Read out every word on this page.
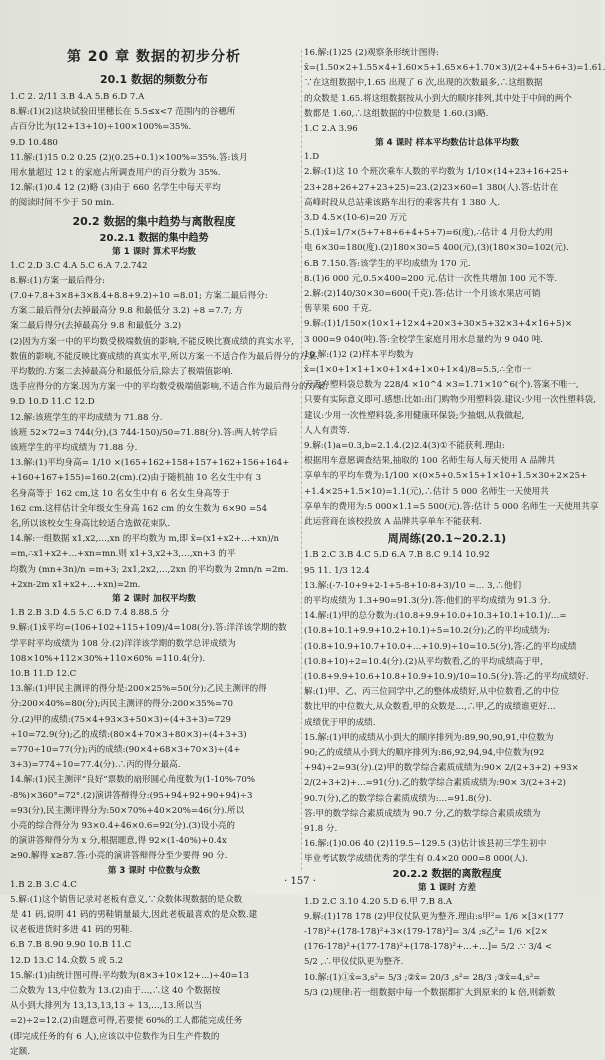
第 20 章 数据的初步分析
20.1 数据的频数分布
1.C 2. 2/11 3.B 4.A 5.B 6.D 7.A
8.解:(1)(2)这块试验田里穗长在 5.5≤x<7 范围内的谷穗所
占百分比为(12+13+10)÷100×100%=35%.
9.D 10.480
11.解:(1)15 0.2 0.25 (2)(0.25+0.1)×100%=35%.答:该月
用水量超过 12 t 的家庭占所调查用户的百分数为 35%.
12.解:(1)0.4 12 (2)略 (3)由于 660 名学生中每天平均
的阅读时间不少于 50 min.
20.2 数据的集中趋势与离散程度
20.2.1 数据的集中趋势
第 1 课时 算术平均数
1.C 2.D 3.C 4.A 5.C 6.A 7.2.742
8.解:(1)方案一最后得分:
(7.0+7.8+3×8+3×8.4+8.8+9.2)÷10 =8.01; 方案二最后得分:
方案二最后得分(去掉最高分 9.8 和最低分 3.2) ÷8 =7.7; 方
案二最后得分(去掉最高分 9.8 和最低分 3.2)
(2)因为方案一中的平均数受极端数值的影响,不能反映比赛成绩的真实水平,
数值的影响,不能反映比赛成绩的真实水平,所以方案一不适合作为最后得分的方案.
平均数的.方案二去掉最高分和最低分后,除去了极端值影响.
选手应得分的方案.因为方案一中的平均数受极端值影响,不适合作为最后得分的方案.
9.D 10.D 11.C 12.D
12.解:该班学生的平均成绩为 71.88 分.
该班 52×72=3 744(分),(3 744-150)/50=71.88(分).答:两人转学后
该班学生的平均成绩为 71.88 分.
13.解:(1)平均身高= 1/10 ×(165+162+158+157+162+156+164+
+160+167+155)=160.2(cm).(2)由于随机抽 10 名女生中有 3
名身高等于 162 cm,这 10 名女生中有 6 名女生身高等于
162 cm.这样估计全年级女生身高 162 cm 的女生数为 6×90 =54
名,所以该校女生身高比较适合选做花束队.
14.解:一组数据 x1,x2,…,xn 的平均数为 m,即 x̄=(x1+x2+…+xn)/n
=m,∴x1+x2+…+xn=mn.则 x1+3,x2+3,…,xn+3 的平
均数为 (mn+3n)/n =m+3; 2x1,2x2,…,2xn 的平均数为 2mn/n =2m.
+2xn-2m x1+x2+…+xn)=2m.
第 2 课时 加权平均数
1.B 2.B 3.D 4.5 5.C 6.D 7.4 8.88.5 分
9.解:(1)x̄平均=(106+102+115+109)/4=108(分).答:洋洋该学期的数
学平时平均成绩为 108 分.(2)洋洋该学期的数学总评成绩为
108×10%+112×30%+110×60% =110.4(分).
10.B 11.D 12.C
13.解:(1)甲民主测评的得分是:200×25%=50(分);乙民主测评的得
分:200×40%=80(分);丙民主测评的得分:200×35%=70
分.(2)甲的成绩:(75×4+93×3+50×3)÷(4+3+3)=729
÷10=72.9(分);乙的成绩:(80×4+70×3+80×3)÷(4+3+3)
=770÷10=77(分);丙的成绩:(90×4+68×3+70×3)÷(4+
3+3)=774÷10=77.4(分).∴丙的得分最高.
14.解:(1)民主测评“良好”票数的扇形圆心角度数为(1-10%-70%
-8%)×360°=72°.(2)演讲答辩得分:(95+94+92+90+94)÷3
=93(分),民主测评得分为:50×70%+40×20%=46(分).所以
小亮的综合得分为 93×0.4+46×0.6=92(分).(3)设小亮的
的演讲答辩得分为 x 分,根据题意,得 92×(1-40%)+0.4x
≥90.解得 x≥87.答:小亮的演讲答辩得分至少要得 90 分.
第 3 课时 中位数与众数
1.B 2.B 3.C 4.C
5.解:(1)这个销售记录对老板有意义,∵众数体现数据的是众数
是 41 码,说明 41 码的男鞋销量最大,因此老板最喜欢的是众数.建
议老板进货时多进 41 码的男鞋.
6.B 7.B 8.90 9.90 10.B 11.C
12.D 13.C 14.众数 5 或 5.2
15.解:(1)由统计图可得:平均数为(8×3+10×12+...)÷40=13
二众数为 13,中位数为 13.(2)由于…,∴这 40 个数据按
从小到大排列为 13,13,13,13 ÷ 13,…,13.所以当
=2)÷2=12.(2)由题意可得,若要使 60%的工人都能完成任务
(即完成任务的有 6 人),应该以中位数作为日生产件数的
定额.
16.解:(1)25 (2)观察条形统计图得:
x̄=(1.50×2+1.55×4+1.60×5+1.65×6+1.70×3)/(2+4+5+6+3)=1.61.
∵在这组数据中,1.65 出现了 6 次,出现的次数最多,∴这组数据
的众数是 1.65.将这组数据按从小到大的顺序排列,其中处于中间的两个
数都是 1.60,∴这组数据的中位数是 1.60.(3)略.
1.C 2.A 3.96
第 4 课时 样本平均数估计总体平均数
1.D
2.解:(1)这 10 个班次乘车人数的平均数为 1/10×(14+23+16+25+
23+28+26+27+23+25)=23.(2)23×60=1 380(人).答:估计在
高峰时段从总站乘该路车出行的乘客共有 1 380 人.
3.D 4.5×(10-6)=20 万元
5.(1)x̄=1/7×(5+7+8+6+4+5+7)=6(度),∴估计 4 月份大约用
电 6×30=180(度).(2)180×30=5 400(元),(3)(180×30=102(元).
6.B 7.150.答:该学生的平均成绩为 170 元.
8.(1)6 000 元,0.5×400=200 元.估计一次性共增加 100 元不等.
2.解:(2)140/30×30=600(千克).答:估计一个月该水果店可销
售苹果 600 千克.
9.解:(1)1/150×(10×1+12×4+20×3+30×5+32×3+4×16+5)×
3 000=9 040(吨).答:全校学生家庭月用水总量约为 9 040 吨.
10.解:(1)2 (2)样本平均数为
x̄=(1×0+1×1+1×0+1×4+1×0+1×4)/8=5.5,∴全市一
天丢弃塑料袋总数为 228/4 ×10^4 ×3=1.71×10^6(个).答案不唯一,
只要有实际意义即可.感想:比如:出门购物少用塑料袋.建议:少用一次性塑料袋,
建议:少用一次性塑料袋,多用健康环保袋;少抽烟,从我做起,
人人有责等.
9.解:(1)a=0.3,b=2.1.4.(2)2.4(3)①不能获利.理由:
根据用车意愿调查结果,抽取的 100 名师生每人每天使用 A 品牌共
享单车的平均车费为:1/100 ×(0×5+0.5×15+1×10+1.5×30+2×25+
+1.4×25+1.5×10)=1.1(元),∴估计 5 000 名师生一天使用共
享单车的费用为:5 000×1.1=5 500(元).答:估计 5 000 名师生一天使用共享
此运营商在该校投放 A 品牌共享单车不能获利.
周周练(20.1~20.2.1)
1.B 2.C 3.B 4.C 5.D 6.A 7.B 8.C 9.14 10.92
95 11. 1/3 12.4
13.解:(-7-10+9+2-1+5-8+10-8+3)/10 =… 3,∴他们
的平均成绩为 1.3+90=91.3(分).答:他们的平均成绩为 91.3 分.
14.解:(1)甲的总分数为:(10.8+9.9+10.0+10.3+10.1+10.1)/…=
(10.8+10.1+9.9+10.2+10.1)÷5=10.2(分);乙的平均成绩为:
(10.8+10.9+10.7+10.0+…+10.9)÷10=10.5(分),答:乙的平均成绩
(10.8+10)÷2=10.4(分).(2)从平均数看,乙的平均成绩高于甲,
(10.8+9.9+10.6+10.8+10.9+10.9)/10=10.5(分).答:乙的平均成绩好.
解:(1)甲、乙、丙三位同学中,乙的整体成绩好,从中位数看,乙的中位
数比甲的中位数大,从众数看,甲的众数是…,∴甲,乙的成绩谁更好…
成绩优于甲的成绩.
15.解:(1)甲的成绩从小到大的顺序排列为:89,90,90,91,中位数为
90;乙的成绩从小到大的顺序排列为:86,92,94,94,中位数为(92
+94)÷2=93(分).(2)甲的数学综合素质成绩为:90× 2/(2+3+2) +93×
2/(2+3+2)+…=91(分).乙的数学综合素质成绩为:90× 3/(2+3+2)
90.7(分),乙的数学综合素质成绩为:…=91.8(分).
答:甲的数学综合素质成绩为 90.7 分,乙的数学综合素质成绩为
91.8 分.
16.解:(1)0.06 40 (2)119.5~129.5 (3)估计该县初三学生初中
毕业考试数学成绩优秀的学生有 0.4×20 000=8 000(人).
20.2.2 数据的离散程度
第 1 课时 方差
1.D 2.C 3.10 4.20 5.D 6.甲 7.B 8.A
9.解:(1)178 178 (2)甲仪仗队更为整齐.理由:s甲²= 1/6 ×[3×(177
-178)²+(178-178)²+3×(179-178)²]= 3/4 ;s乙²= 1/6 ×[2×
(176-178)²+(177-178)²+(178-178)²+…+…]= 5/2 .∵ 3/4 <
5/2 ,∴甲仪仗队更为整齐.
10.解:(1)①x̄=3,s²= 5/3 ;②x̄= 20/3 ,s²= 28/3 ;③x̄=4,s²=
5/3 (2)规律:若一组数据中每一个数据都扩大到原来的 k 倍,则新数
· 157 ·
